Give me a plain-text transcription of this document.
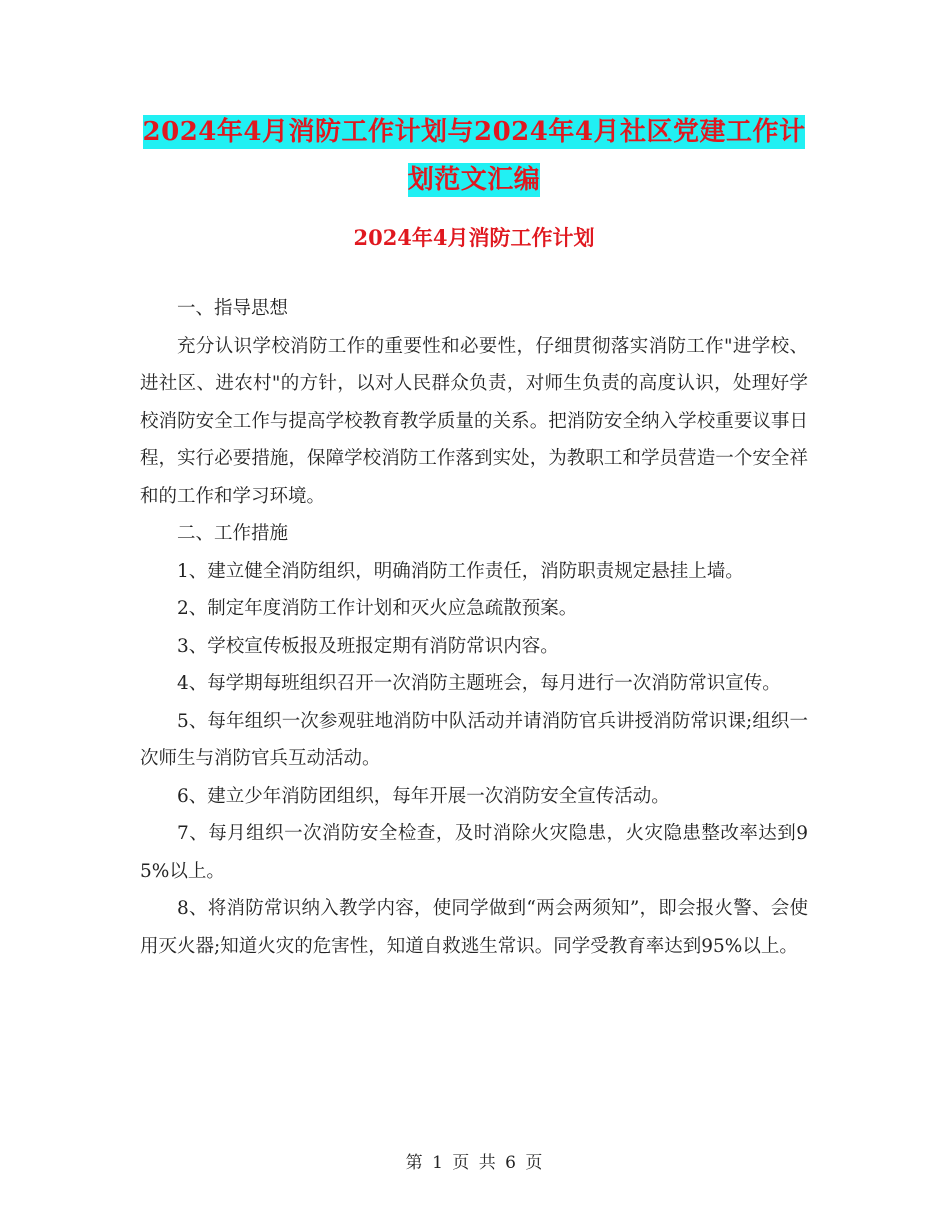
2024年4月消防工作计划与2024年4月社区党建工作计划范文汇编
2024年4月消防工作计划

一、指导思想

充分认识学校消防工作的重要性和必要性，仔细贯彻落实消防工作"进学校、进社区、进农村"的方针，以对人民群众负责，对师生负责的高度认识，处理好学校消防安全工作与提高学校教育教学质量的关系。把消防安全纳入学校重要议事日程，实行必要措施，保障学校消防工作落到实处，为教职工和学员营造一个安全祥和的工作和学习环境。

二、工作措施

1、建立健全消防组织，明确消防工作责任，消防职责规定悬挂上墙。

2、制定年度消防工作计划和灭火应急疏散预案。

3、学校宣传板报及班报定期有消防常识内容。

4、每学期每班组织召开一次消防主题班会，每月进行一次消防常识宣传。

5、每年组织一次参观驻地消防中队活动并请消防官兵讲授消防常识课;组织一次师生与消防官兵互动活动。

6、建立少年消防团组织，每年开展一次消防安全宣传活动。

7、每月组织一次消防安全检查，及时消除火灾隐患，火灾隐患整改率达到95%以上。

8、将消防常识纳入教学内容，使同学做到“两会两须知”，即会报火警、会使用灭火器;知道火灾的危害性，知道自救逃生常识。同学受教育率达到95%以上。

第 1 页 共 6 页
